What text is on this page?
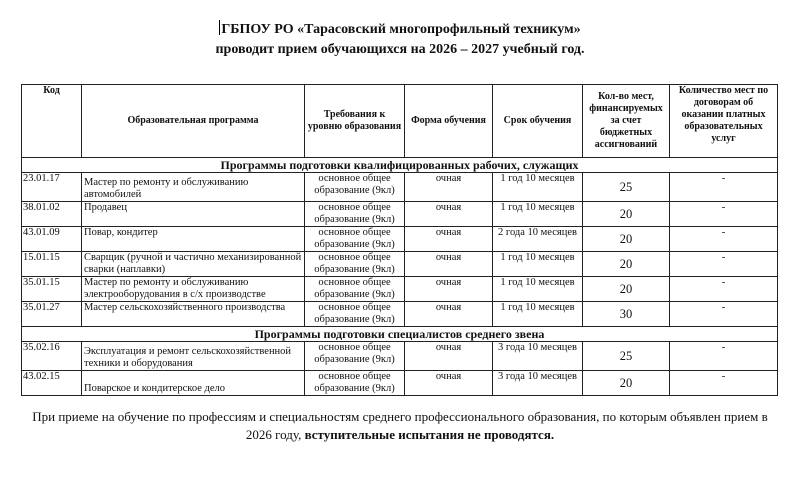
ГБПОУ РО «Тарасовский многопрофильный техникум»
проводит прием обучающихся на 2026 – 2027 учебный год.
Код	Образовательная программа	Требования к уровню образования	Форма обучения	Срок обучения	Кол-во мест, финансируемых за счет бюджетных ассигнований	Количество мест по договорам об оказании платных образовательных услуг
Программы подготовки квалифицированных рабочих, служащих						
23.01.17	Мастер по ремонту и обслуживанию автомобилей	основное общее образование (9кл)	очная	1 год 10 месяцев	25	-
38.01.02	Продавец	основное общее образование (9кл)	очная	1 год 10 месяцев	20	-
43.01.09	Повар, кондитер	основное общее образование (9кл)	очная	2 года 10 месяцев	20	-
15.01.15	Сварщик (ручной и частично механизированной сварки (наплавки)	основное общее образование (9кл)	очная	1 год 10 месяцев	20	-
35.01.15	Мастер по ремонту и обслуживанию электрооборудования в с/х производстве	основное общее образование (9кл)	очная	1 год 10 месяцев	20	-
35.01.27	Мастер сельскохозяйственного производства	основное общее образование (9кл)	очная	1 год 10 месяцев	30	-
Программы подготовки специалистов среднего звена						
35.02.16	Эксплуатация и ремонт сельскохозяйственной техники и оборудования	основное общее образование (9кл)	очная	3 года 10 месяцев	25	-
43.02.15	Поварское и кондитерское дело	основное общее образование (9кл)	очная	3 года 10 месяцев	20	-
При приеме на обучение по профессиям и специальностям среднего профессионального образования, по которым объявлен прием в 2026 году, вступительные испытания не проводятся.
